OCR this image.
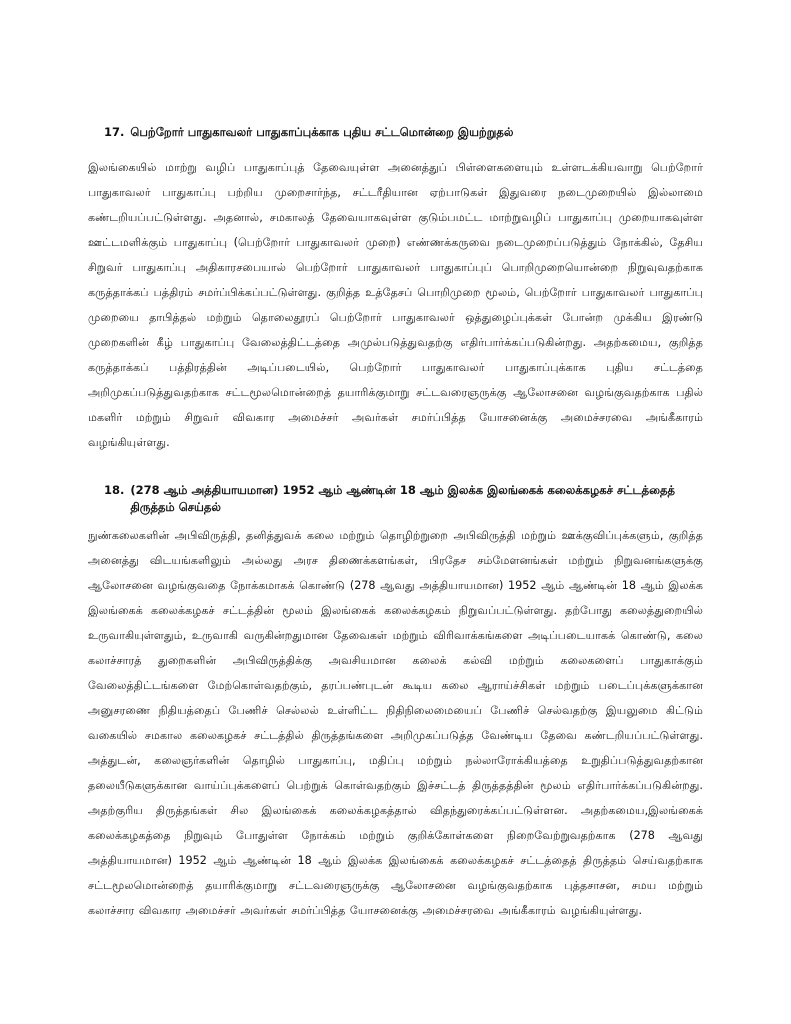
17. பெற்றோர் பாதுகாவலர் பாதுகாப்புக்காக புதிய சட்டமொன்றை இயற்றுதல்

இலங்கையில் மாற்று வழிப் பாதுகாப்புத் தேவையுள்ள அனைத்துப் பிள்ளைகளையும் உள்ளடக்கியவாறு பெற்றோர் பாதுகாவலர் பாதுகாப்பு பற்றிய முறைசார்ந்த, சட்டரீதியான ஏற்பாடுகள் இதுவரை நடைமுறையில் இல்லாமை கண்டறியப்பட்டுள்ளது. அதனால், சமகாலத் தேவையாகவுள்ள குடும்பமட்ட மாற்றுவழிப் பாதுகாப்பு முறையாகவுள்ள ஊட்டமளிக்கும் பாதுகாப்பு (பெற்றோர் பாதுகாவலர் முறை) எண்ணக்கருவை நடைமுறைப்படுத்தும் நோக்கில், தேசிய சிறுவர் பாதுகாப்பு அதிகாரசபையால் பெற்றோர் பாதுகாவலர் பாதுகாப்புப் பொறிமுறையொன்றை நிறுவுவதற்காக கருத்தாக்கப் பத்திரம் சமர்ப்பிக்கப்பட்டுள்ளது. குறித்த உத்தேசப் பொறிமுறை மூலம், பெற்றோர் பாதுகாவலர் பாதுகாப்பு முறையை தாபித்தல் மற்றும் தொலைதூரப் பெற்றோர் பாதுகாவலர் ஒத்துழைப்புக்கள் போன்ற முக்கிய இரண்டு முறைகளின் கீழ் பாதுகாப்பு வேலைத்திட்டத்தை அமுல்படுத்துவதற்கு எதிர்பார்க்கப்படுகின்றது. அதற்கமைய, குறித்த கருத்தாக்கப் பத்திரத்தின் அடிப்படையில், பெற்றோர் பாதுகாவலர் பாதுகாப்புக்காக புதிய சட்டத்தை அறிமுகப்படுத்துவதற்காக சட்டமூலமொன்றைத் தயாரிக்குமாறு சட்டவரைஞருக்கு ஆலோசனை வழங்குவதற்காக பதில் மகளிர் மற்றும் சிறுவர் விவகார அமைச்சர் அவர்கள் சமர்ப்பித்த யோசனைக்கு அமைச்சரவை அங்கீகாரம் வழங்கியுள்ளது.

18. (278 ஆம் அத்தியாயமான) 1952 ஆம் ஆண்டின் 18 ஆம் இலக்க இலங்கைக் கலைக்கழகச் சட்டத்தைத் திருத்தம் செய்தல்

நுண்கலைகளின் அபிவிருத்தி, தனித்துவக் கலை மற்றும் தொழிற்றுறை அபிவிருத்தி மற்றும் ஊக்குவிப்புக்களும், குறித்த அனைத்து விடயங்களிலும் அல்லது அரச திணைக்களங்கள், பிரதேச சம்மேளனங்கள் மற்றும் நிறுவனங்களுக்கு ஆலோசனை வழங்குவதை நோக்கமாகக் கொண்டு (278 ஆவது அத்தியாயமான) 1952 ஆம் ஆண்டின் 18 ஆம் இலக்க இலங்கைக் கலைக்கழகச் சட்டத்தின் மூலம் இலங்கைக் கலைக்கழகம் நிறுவப்பட்டுள்ளது. தற்போது கலைத்துறையில் உருவாகியுள்ளதும், உருவாகி வருகின்றதுமான தேவைகள் மற்றும் விரிவாக்கங்களை அடிப்படையாகக் கொண்டு, கலை கலாச்சாரத் துறைகளின் அபிவிருத்திக்கு அவசியமான கலைக் கல்வி மற்றும் கலைகளைப் பாதுகாக்கும் வேலைத்திட்டங்களை மேற்கொள்வதற்கும், தரப்பண்புடன் கூடிய கலை ஆராய்ச்சிகள் மற்றும் படைப்புக்களுக்கான அனுசரணை நிதியத்தைப் பேணிச் செல்லல் உள்ளிட்ட நிதிநிலைமையைப் பேணிச் செல்வதற்கு இயலுமை கிட்டும் வகையில் சமகால கலைகழகச் சட்டத்தில் திருத்தங்களை அறிமுகப்படுத்த வேண்டிய தேவை கண்டறியப்பட்டுள்ளது. அத்துடன், கலைஞர்களின் தொழில் பாதுகாப்பு, மதிப்பு மற்றும் நல்லாரோக்கியத்தை உறுதிப்படுத்துவதற்கான தலையீடுகளுக்கான வாய்ப்புக்களைப் பெற்றுக் கொள்வதற்கும் இச்சட்டத் திருத்தத்தின் மூலம் எதிர்பார்க்கப்படுகின்றது. அதற்குரிய திருத்தங்கள் சில இலங்கைக் கலைக்கழகத்தால் விதந்துரைக்கப்பட்டுள்ளன. அதற்கமைய,இலங்கைக் கலைக்கழகத்தை நிறுவும் போதுள்ள நோக்கம் மற்றும் குறிக்கோள்களை நிறைவேற்றுவதற்காக (278 ஆவது அத்தியாயமான) 1952 ஆம் ஆண்டின் 18 ஆம் இலக்க இலங்கைக் கலைக்கழகச் சட்டத்தைத் திருத்தம் செய்வதற்காக சட்டமூலமொன்றைத் தயாரிக்குமாறு சட்டவரைஞருக்கு ஆலோசனை வழங்குவதற்காக புத்தசாசன, சமய மற்றும் கலாச்சார விவகார அமைச்சர் அவர்கள் சமர்ப்பித்த யோசனைக்கு அமைச்சரவை அங்கீகாரம் வழங்கியுள்ளது.
